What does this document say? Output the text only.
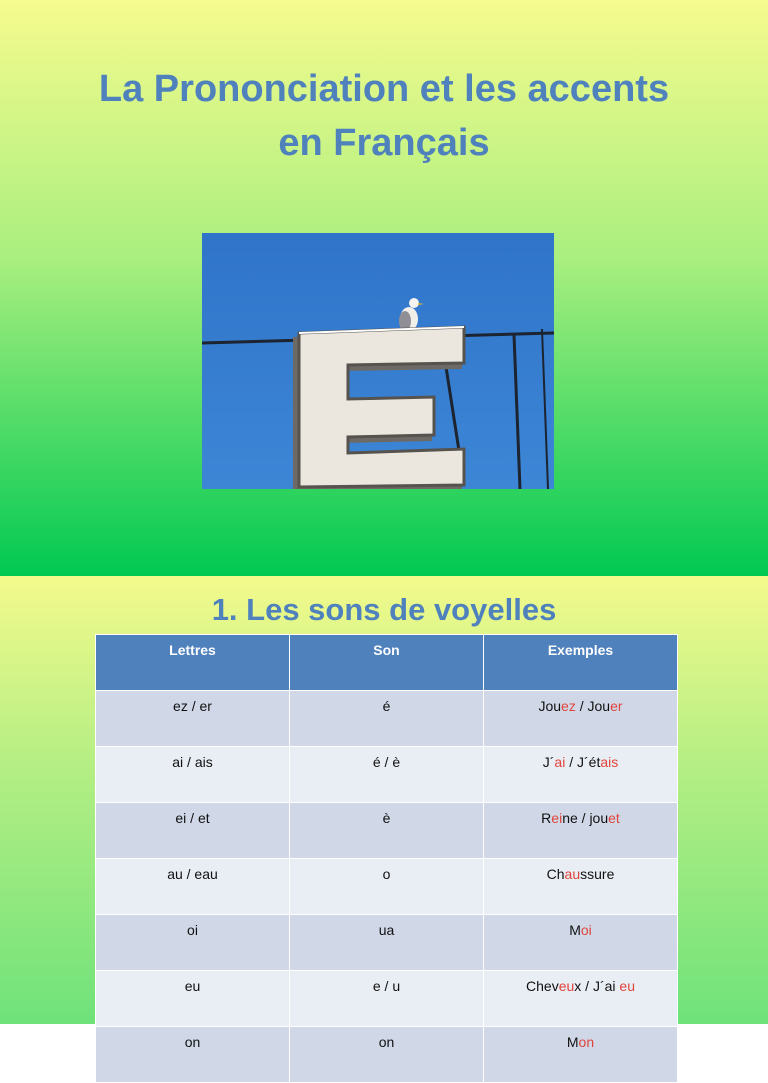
La Prononciation et les accents
en Français
1. Les sons de voyelles
Lettres	Son	Exemples
ez / er	é	Jouez / Jouer
ai / ais	é / è	J´ai / J´étais
ei / et	è	Reine / jouet
au / eau	o	Chaussure
oi	ua	Moi
eu	e / u	Cheveux / J´ai eu
on	on	Mon
